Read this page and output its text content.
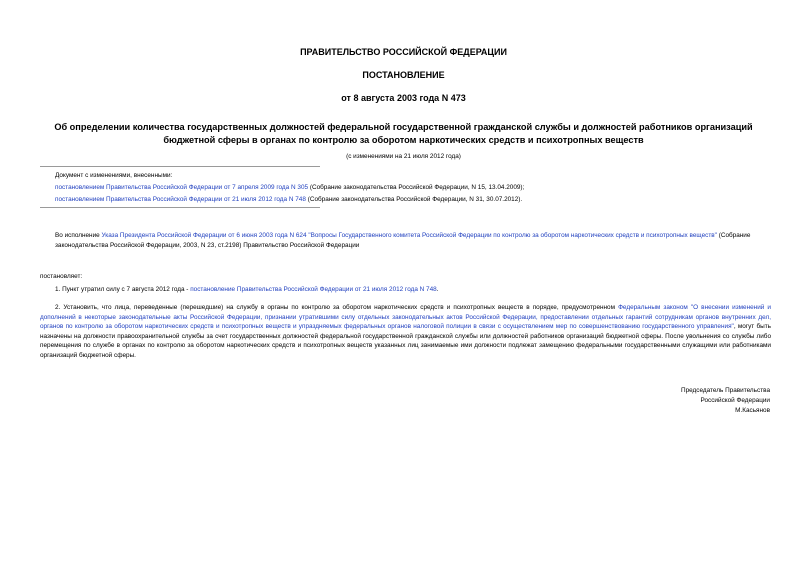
ПРАВИТЕЛЬСТВО РОССИЙСКОЙ ФЕДЕРАЦИИ
ПОСТАНОВЛЕНИЕ
от 8 августа 2003 года N 473
Об определении количества государственных должностей федеральной государственной гражданской службы и должностей работников организаций бюджетной сферы в органах по контролю за оборотом наркотических средств и психотропных веществ
(с изменениями на 21 июля 2012 года)
Документ с изменениями, внесенными:
постановлением Правительства Российской Федерации от 7 апреля 2009 года N 305 (Собрание законодательства Российской Федерации, N 15, 13.04.2009);
постановлением Правительства Российской Федерации от 21 июля 2012 года N 748 (Собрание законодательства Российской Федерации, N 31, 30.07.2012).
Во исполнение Указа Президента Российской Федерации от 6 июня 2003 года N 624 "Вопросы Государственного комитета Российской Федерации по контролю за оборотом наркотических средств и психотропных веществ" (Собрание законодательства Российской Федерации, 2003, N 23, ст.2198) Правительство Российской Федерации
постановляет:
1. Пункт утратил силу с 7 августа 2012 года - постановление Правительства Российской Федерации от 21 июля 2012 года N 748.
2. Установить, что лица, переведенные (перешедшие) на службу в органы по контролю за оборотом наркотических средств и психотропных веществ в порядке, предусмотренном Федеральным законом "О внесении изменений и дополнений в некоторые законодательные акты Российской Федерации, признании утратившими силу отдельных законодательных актов Российской Федерации, предоставлении отдельных гарантий сотрудникам органов внутренних дел, органов по контролю за оборотом наркотических средств и психотропных веществ и упраздняемых федеральных органов налоговой полиции в связи с осуществлением мер по совершенствованию государственного управления", могут быть назначены на должности правоохранительной службы за счет государственных должностей федеральной государственной гражданской службы или должностей работников организаций бюджетной сферы. После увольнения со службы либо перемещения по службе в органах по контролю за оборотом наркотических средств и психотропных веществ указанных лиц занимаемые ими должности подлежат замещению федеральными государственными служащими или работниками организаций бюджетной сферы.
Председатель Правительства
Российской Федерации
М.Касьянов
